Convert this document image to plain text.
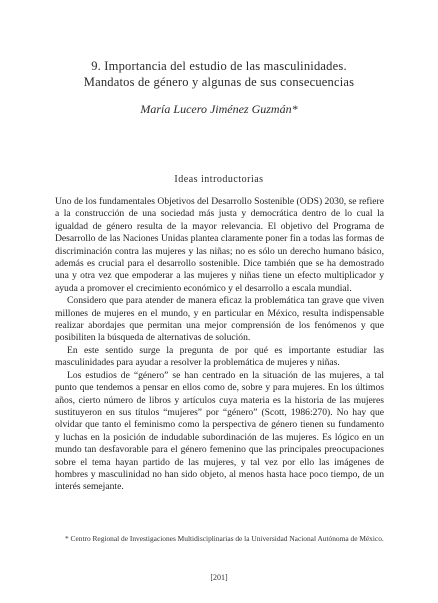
9. Importancia del estudio de las masculinidades.
Mandatos de género y algunas de sus consecuencias
María Lucero Jiménez Guzmán*
Ideas introductorias

Uno de los fundamentales Objetivos del Desarrollo Sostenible (ODS) 2030, se refiere a la construcción de una sociedad más justa y democrática dentro de lo cual la igualdad de género resulta de la mayor relevancia. El objetivo del Programa de Desarrollo de las Naciones Unidas plantea claramente poner fin a todas las formas de discriminación contra las mujeres y las niñas; no es sólo un derecho humano básico, además es crucial para el desarrollo sostenible. Dice también que se ha demostrado una y otra vez que empoderar a las mujeres y niñas tiene un efecto multiplicador y ayuda a promover el crecimiento económico y el desarrollo a escala mundial.

Considero que para atender de manera eficaz la problemática tan grave que viven millones de mujeres en el mundo, y en particular en México, resulta indispensable realizar abordajes que permitan una mejor comprensión de los fenómenos y que posibiliten la búsqueda de alternativas de solución.

En este sentido surge la pregunta de por qué es importante estudiar las masculinidades para ayudar a resolver la problemática de mujeres y niñas.

Los estudios de “género” se han centrado en la situación de las mujeres, a tal punto que tendemos a pensar en ellos como de, sobre y para mujeres. En los últimos años, cierto número de libros y artículos cuya materia es la historia de las mujeres sustituyeron en sus títulos “mujeres” por “género” (Scott, 1986:270). No hay que olvidar que tanto el feminismo como la perspectiva de género tienen su fundamento y luchas en la posición de indudable subordinación de las mujeres. Es lógico en un mundo tan desfavorable para el género femenino que las principales preocupaciones sobre el tema hayan partido de las mujeres, y tal vez por ello las imágenes de hombres y masculinidad no han sido objeto, al menos hasta hace poco tiempo, de un interés semejante.

* Centro Regional de Investigaciones Multidisciplinarias de la Universidad Nacional Autónoma de México.
[201]
